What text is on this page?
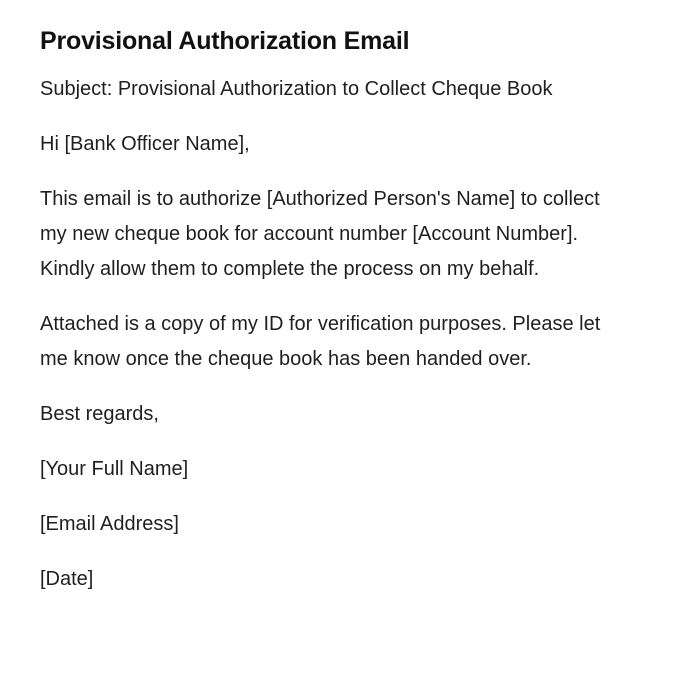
Provisional Authorization Email

Subject: Provisional Authorization to Collect Cheque Book

Hi [Bank Officer Name],

This email is to authorize [Authorized Person's Name] to collect my new cheque book for account number [Account Number]. Kindly allow them to complete the process on my behalf.

Attached is a copy of my ID for verification purposes. Please let me know once the cheque book has been handed over.

Best regards,

[Your Full Name]

[Email Address]

[Date]
